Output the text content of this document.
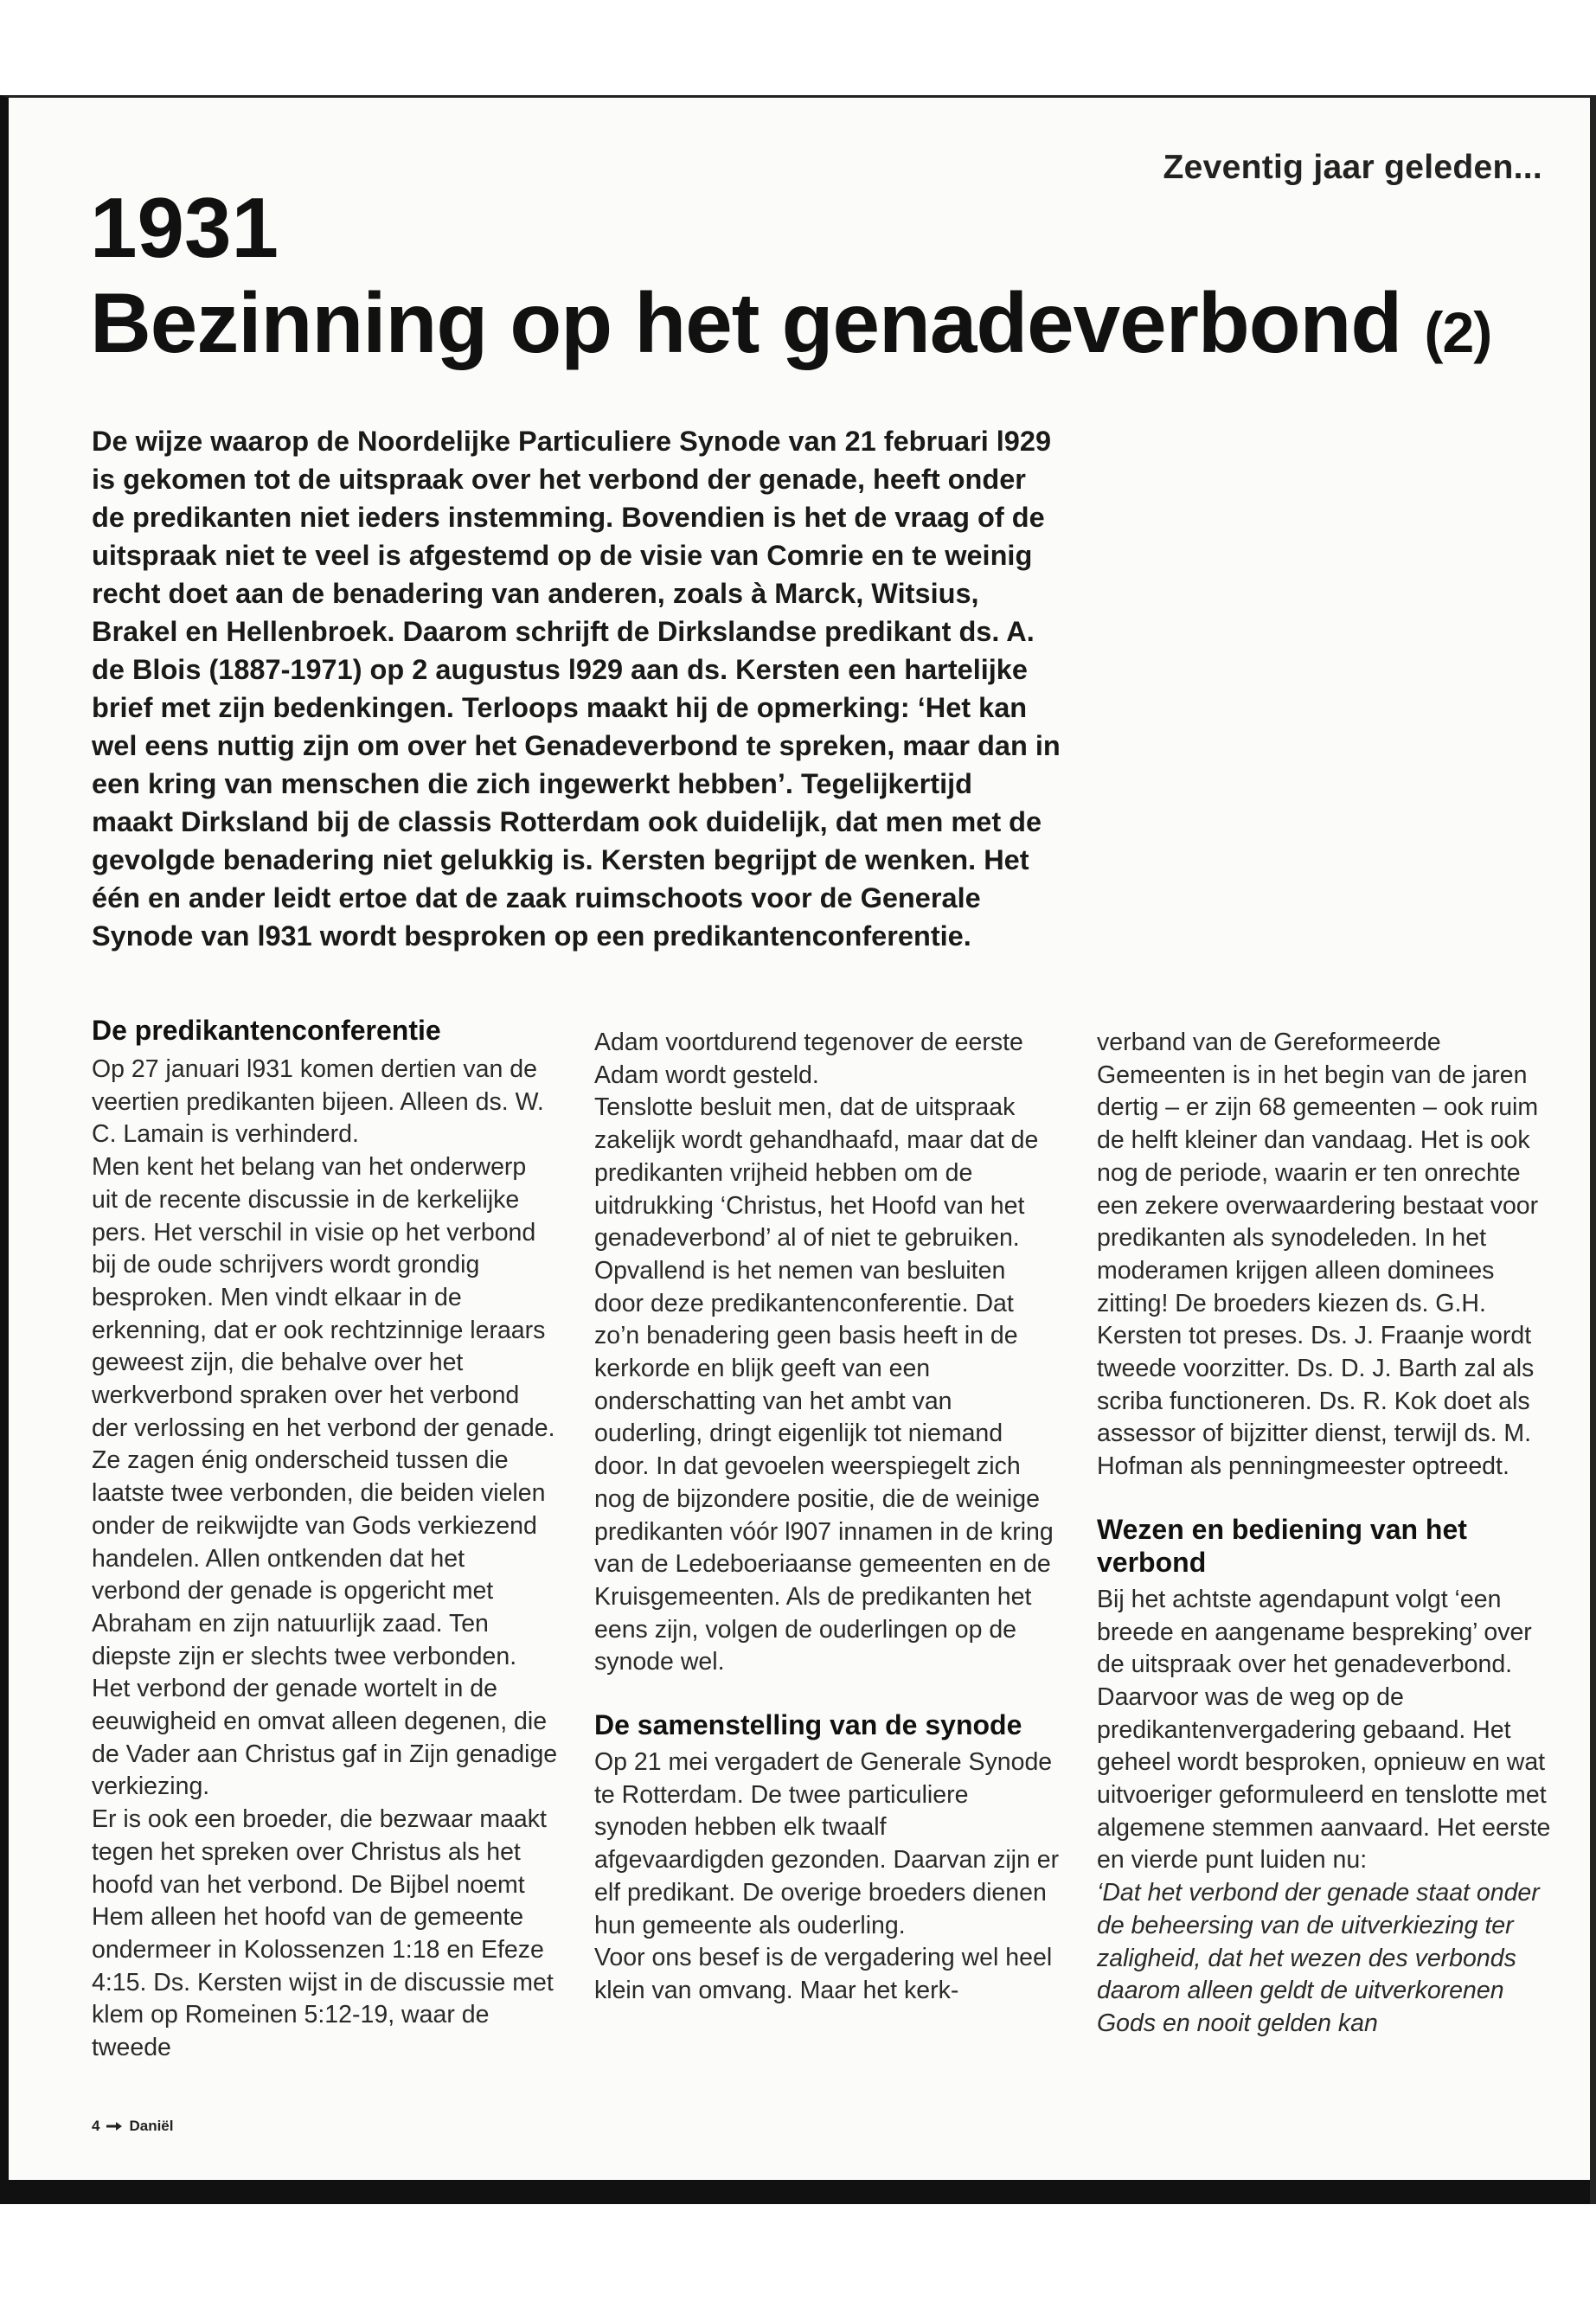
Zeventig jaar geleden...
1931
Bezinning op het genadeverbond (2)
De wijze waarop de Noordelijke Particuliere Synode van 21 februari l929 is gekomen tot de uitspraak over het verbond der genade, heeft onder de predikanten niet ieders instemming. Bovendien is het de vraag of de uitspraak niet te veel is afgestemd op de visie van Comrie en te weinig recht doet aan de benadering van anderen, zoals à Marck, Witsius, Brakel en Hellenbroek. Daarom schrijft de Dirkslandse predikant ds. A. de Blois (1887-1971) op 2 augustus l929 aan ds. Kersten een hartelijke brief met zijn bedenkingen. Terloops maakt hij de opmerking: ‘Het kan wel eens nuttig zijn om over het Genadeverbond te spreken, maar dan in een kring van menschen die zich ingewerkt hebben’. Tegelijkertijd maakt Dirksland bij de classis Rotterdam ook duidelijk, dat men met de gevolgde benadering niet gelukkig is. Kersten begrijpt de wenken. Het één en ander leidt ertoe dat de zaak ruimschoots voor de Generale Synode van l931 wordt besproken op een predikantenconferentie.
De predikantenconferentie

Op 27 januari l931 komen dertien van de veertien predikanten bijeen. Alleen ds. W. C. Lamain is verhinderd.

Men kent het belang van het onderwerp uit de recente discussie in de kerkelijke pers. Het verschil in visie op het verbond bij de oude schrijvers wordt grondig besproken. Men vindt elkaar in de erkenning, dat er ook rechtzinnige leraars geweest zijn, die behalve over het werkverbond spraken over het verbond der verlossing en het verbond der genade. Ze zagen énig onderscheid tussen die laatste twee verbonden, die beiden vielen onder de reikwijdte van Gods verkiezend handelen. Allen ontkenden dat het verbond der genade is opgericht met Abraham en zijn natuurlijk zaad. Ten diepste zijn er slechts twee verbonden. Het verbond der genade wortelt in de eeuwigheid en omvat alleen degenen, die de Vader aan Christus gaf in Zijn genadige verkiezing.

Er is ook een broeder, die bezwaar maakt tegen het spreken over Christus als het hoofd van het verbond. De Bijbel noemt Hem alleen het hoofd van de gemeente ondermeer in Kolossenzen 1:18 en Efeze 4:15. Ds. Kersten wijst in de discussie met klem op Romeinen 5:12-19, waar de tweede

Adam voortdurend tegenover de eerste Adam wordt gesteld.

Tenslotte besluit men, dat de uitspraak zakelijk wordt gehandhaafd, maar dat de predikanten vrijheid hebben om de uitdrukking ‘Christus, het Hoofd van het genadeverbond’ al of niet te gebruiken.

Opvallend is het nemen van besluiten door deze predikantenconferentie. Dat zo’n benadering geen basis heeft in de kerkorde en blijk geeft van een onderschatting van het ambt van ouderling, dringt eigenlijk tot niemand door. In dat gevoelen weerspiegelt zich nog de bijzondere positie, die de weinige predikanten vóór l907 innamen in de kring van de Ledeboeriaanse gemeenten en de Kruisgemeenten. Als de predikanten het eens zijn, volgen de ouderlingen op de synode wel.

De samenstelling van de synode

Op 21 mei vergadert de Generale Synode te Rotterdam. De twee particuliere synoden hebben elk twaalf afgevaardigden gezonden. Daarvan zijn er elf predikant. De overige broeders dienen hun gemeente als ouderling.

Voor ons besef is de vergadering wel heel klein van omvang. Maar het kerk-

verband van de Gereformeerde Gemeenten is in het begin van de jaren dertig – er zijn 68 gemeenten – ook ruim de helft kleiner dan vandaag. Het is ook nog de periode, waarin er ten onrechte een zekere overwaardering bestaat voor predikanten als synodeleden. In het moderamen krijgen alleen dominees zitting! De broeders kiezen ds. G.H. Kersten tot preses. Ds. J. Fraanje wordt tweede voorzitter. Ds. D. J. Barth zal als scriba functioneren. Ds. R. Kok doet als assessor of bijzitter dienst, terwijl ds. M. Hofman als penningmeester optreedt.

Wezen en bediening van het verbond

Bij het achtste agendapunt volgt ‘een breede en aangename bespreking’ over de uitspraak over het genadeverbond. Daarvoor was de weg op de predikantenvergadering gebaand. Het geheel wordt besproken, opnieuw en wat uitvoeriger geformuleerd en tenslotte met algemene stemmen aanvaard. Het eerste en vierde punt luiden nu:

‘Dat het verbond der genade staat onder de beheersing van de uitverkiezing ter zaligheid, dat het wezen des verbonds daarom alleen geldt de uitverkorenen Gods en nooit gelden kan

4 Daniël
